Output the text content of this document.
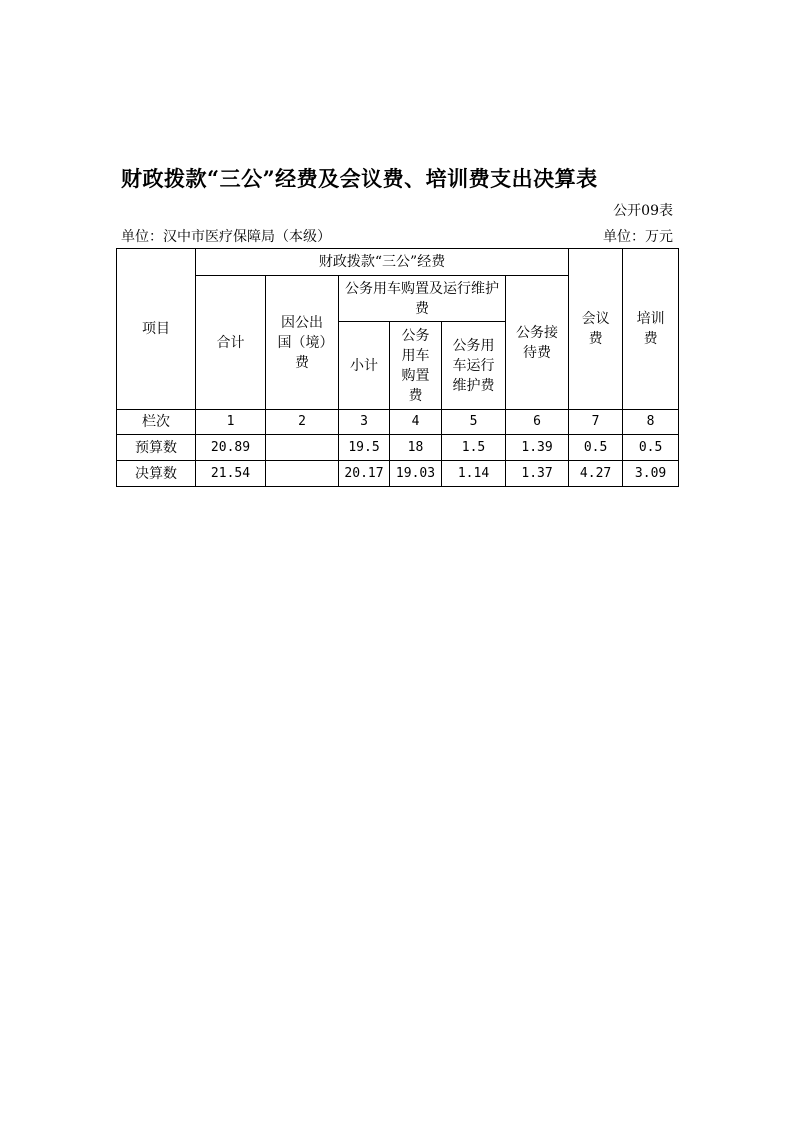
财政拨款“三公”经费及会议费、培训费支出决算表
公开09表
单位：汉中市医疗保障局（本级）	单位：万元
项目	财政拨款“三公”经费						会议费	培训费
	合计	因公出国（境）费	公务用车购置及运行维护费			公务接待费		
			小计	公务用车购置费	公务用车运行维护费			

栏次	1	2	3	4	5	6	7	8
预算数	20.89		19.5	18	1.5	1.39	0.5	0.5
决算数	21.54		20.17	19.03	1.14	1.37	4.27	3.09
